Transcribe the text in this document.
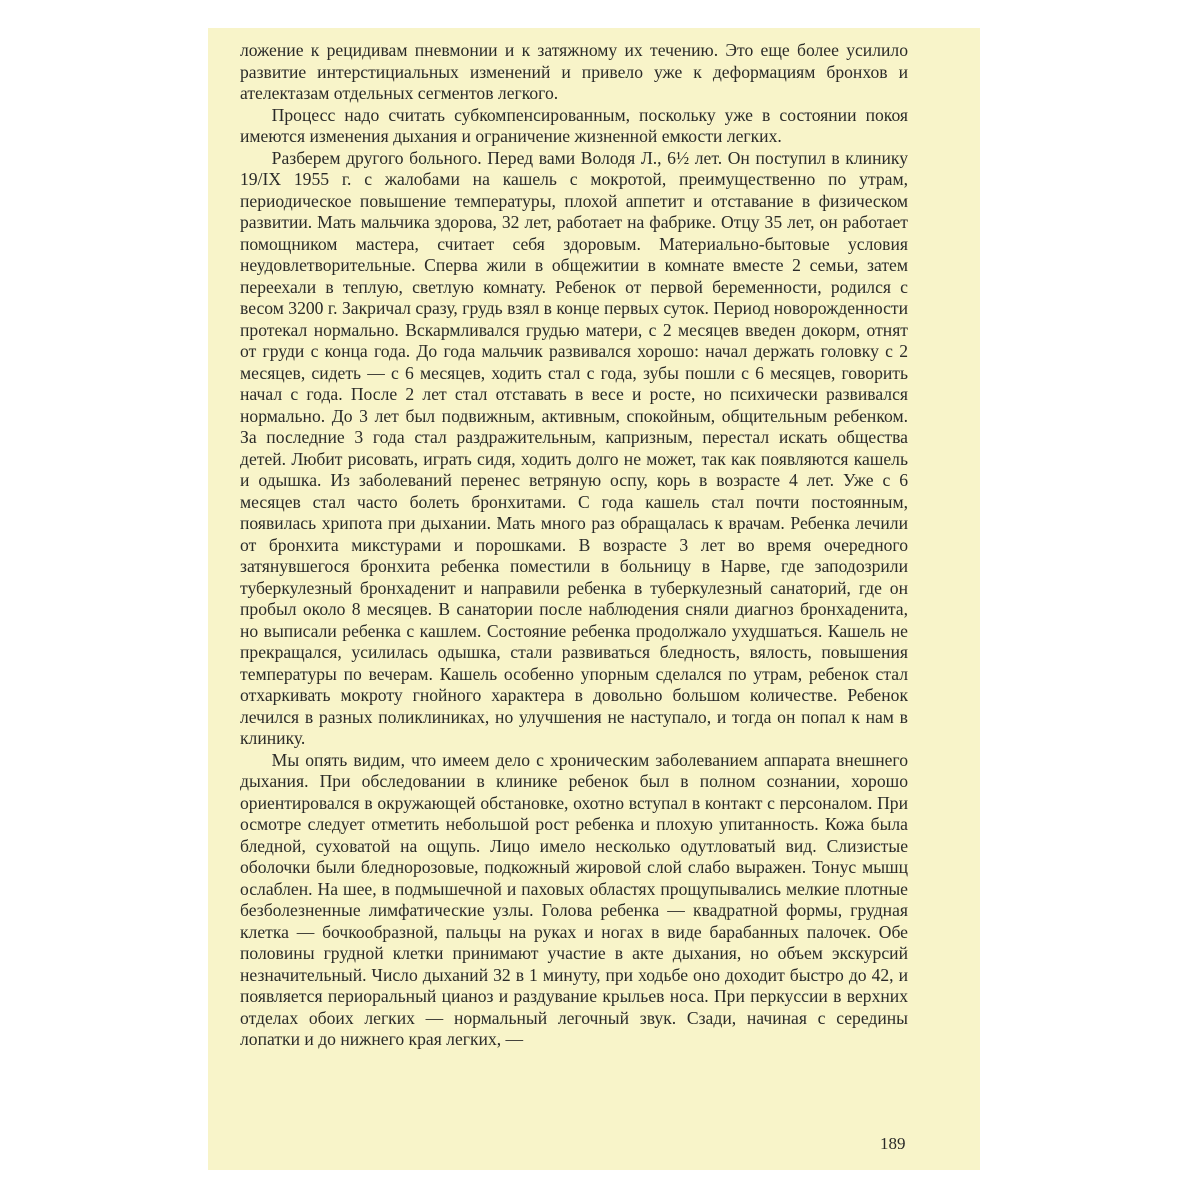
ложение к рецидивам пневмонии и к затяжному их течению. Это еще более усилило развитие интерстициальных изменений и привело уже к деформациям бронхов и ателектазам отдельных сегментов легкого.

Процесс надо считать субкомпенсированным, поскольку уже в состоянии покоя имеются изменения дыхания и ограничение жизненной емкости легких.

Разберем другого больного. Перед вами Володя Л., 6½ лет. Он поступил в клинику 19/IX 1955 г. с жалобами на кашель с мокротой, преимущественно по утрам, периодическое повышение температуры, плохой аппетит и отставание в физическом развитии. Мать мальчика здорова, 32 лет, работает на фабрике. Отцу 35 лет, он работает помощником мастера, считает себя здоровым. Материально-бытовые условия неудовлетворительные. Сперва жили в общежитии в комнате вместе 2 семьи, затем переехали в теплую, светлую комнату. Ребенок от первой беременности, родился с весом 3200 г. Закричал сразу, грудь взял в конце первых суток. Период новорожденности протекал нормально. Вскармливался грудью матери, с 2 месяцев введен докорм, отнят от груди с конца года. До года мальчик развивался хорошо: начал держать головку с 2 месяцев, сидеть — с 6 месяцев, ходить стал с года, зубы пошли с 6 месяцев, говорить начал с года. После 2 лет стал отставать в весе и росте, но психически развивался нормально. До 3 лет был подвижным, активным, спокойным, общительным ребенком. За последние 3 года стал раздражительным, капризным, перестал искать общества детей. Любит рисовать, играть сидя, ходить долго не может, так как появляются кашель и одышка. Из заболеваний перенес ветряную оспу, корь в возрасте 4 лет. Уже с 6 месяцев стал часто болеть бронхитами. С года кашель стал почти постоянным, появилась хрипота при дыхании. Мать много раз обращалась к врачам. Ребенка лечили от бронхита микстурами и порошками. В возрасте 3 лет во время очередного затянувшегося бронхита ребенка поместили в больницу в Нарве, где заподозрили туберкулезный бронхаденит и направили ребенка в туберкулезный санаторий, где он пробыл около 8 месяцев. В санатории после наблюдения сняли диагноз бронхаденита, но выписали ребенка с кашлем. Состояние ребенка продолжало ухудшаться. Кашель не прекращался, усилилась одышка, стали развиваться бледность, вялость, повышения температуры по вечерам. Кашель особенно упорным сделался по утрам, ребенок стал отхаркивать мокроту гнойного характера в довольно большом количестве. Ребенок лечился в разных поликлиниках, но улучшения не наступало, и тогда он попал к нам в клинику.

Мы опять видим, что имеем дело с хроническим заболеванием аппарата внешнего дыхания. При обследовании в клинике ребенок был в полном сознании, хорошо ориентировался в окружающей обстановке, охотно вступал в контакт с персоналом. При осмотре следует отметить небольшой рост ребенка и плохую упитанность. Кожа была бледной, суховатой на ощупь. Лицо имело несколько одутловатый вид. Слизистые оболочки были бледнорозовые, подкожный жировой слой слабо выражен. Тонус мышц ослаблен. На шее, в подмышечной и паховых областях прощупывались мелкие плотные безболезненные лимфатические узлы. Голова ребенка — квадратной формы, грудная клетка — бочкообразной, пальцы на руках и ногах в виде барабанных палочек. Обе половины грудной клетки принимают участие в акте дыхания, но объем экскурсий незначительный. Число дыханий 32 в 1 минуту, при ходьбе оно доходит быстро до 42, и появляется периоральный цианоз и раздувание крыльев носа. При перкуссии в верхних отделах обоих легких — нормальный легочный звук. Сзади, начиная с середины лопатки и до нижнего края легких, —

189
